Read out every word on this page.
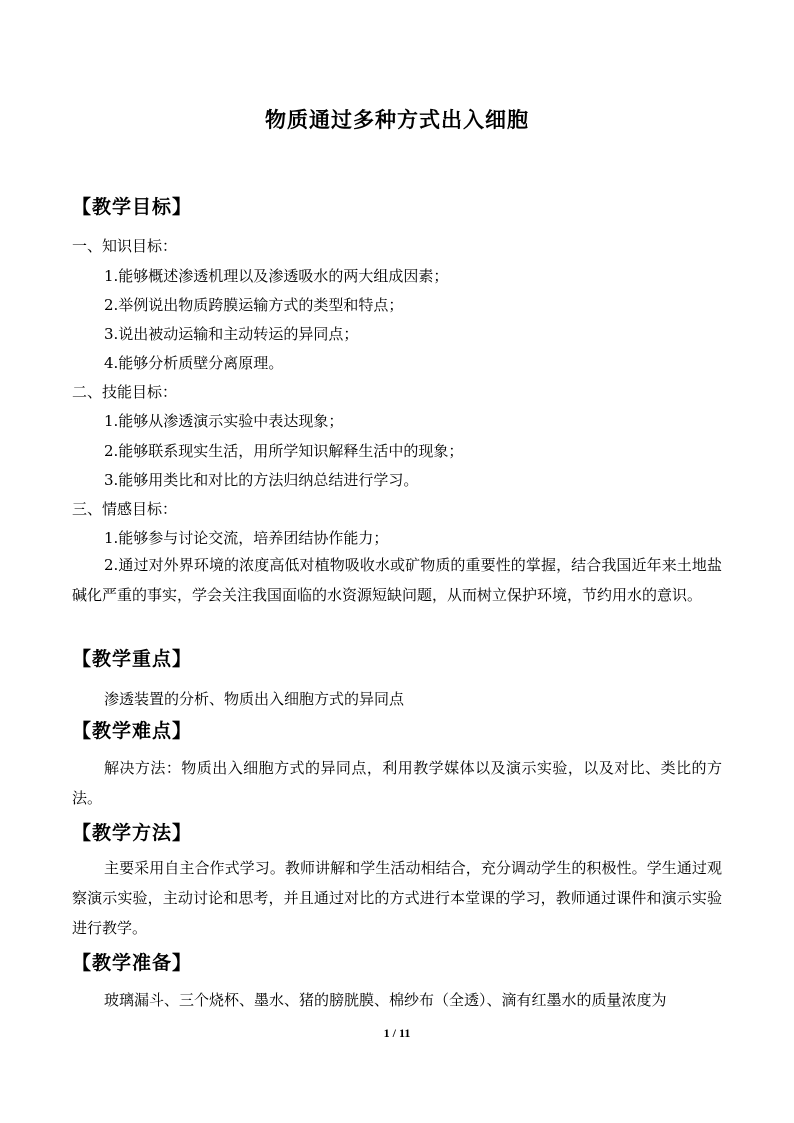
物质通过多种方式出入细胞
【教学目标】
一、知识目标：
1.能够概述渗透机理以及渗透吸水的两大组成因素；
2.举例说出物质跨膜运输方式的类型和特点；
3.说出被动运输和主动转运的异同点；
4.能够分析质壁分离原理。
二、技能目标：
1.能够从渗透演示实验中表达现象；
2.能够联系现实生活，用所学知识解释生活中的现象；
3.能够用类比和对比的方法归纳总结进行学习。
三、情感目标：
1.能够参与讨论交流，培养团结协作能力；
2.通过对外界环境的浓度高低对植物吸收水或矿物质的重要性的掌握，结合我国近年来土地盐碱化严重的事实，学会关注我国面临的水资源短缺问题，从而树立保护环境，节约用水的意识。
【教学重点】
渗透装置的分析、物质出入细胞方式的异同点
【教学难点】
解决方法：物质出入细胞方式的异同点，利用教学媒体以及演示实验，以及对比、类比的方法。
【教学方法】
主要采用自主合作式学习。教师讲解和学生活动相结合，充分调动学生的积极性。学生通过观察演示实验，主动讨论和思考，并且通过对比的方式进行本堂课的学习，教师通过课件和演示实验进行教学。
【教学准备】
玻璃漏斗、三个烧杯、墨水、猪的膀胱膜、棉纱布（全透）、滴有红墨水的质量浓度为
1 / 11
